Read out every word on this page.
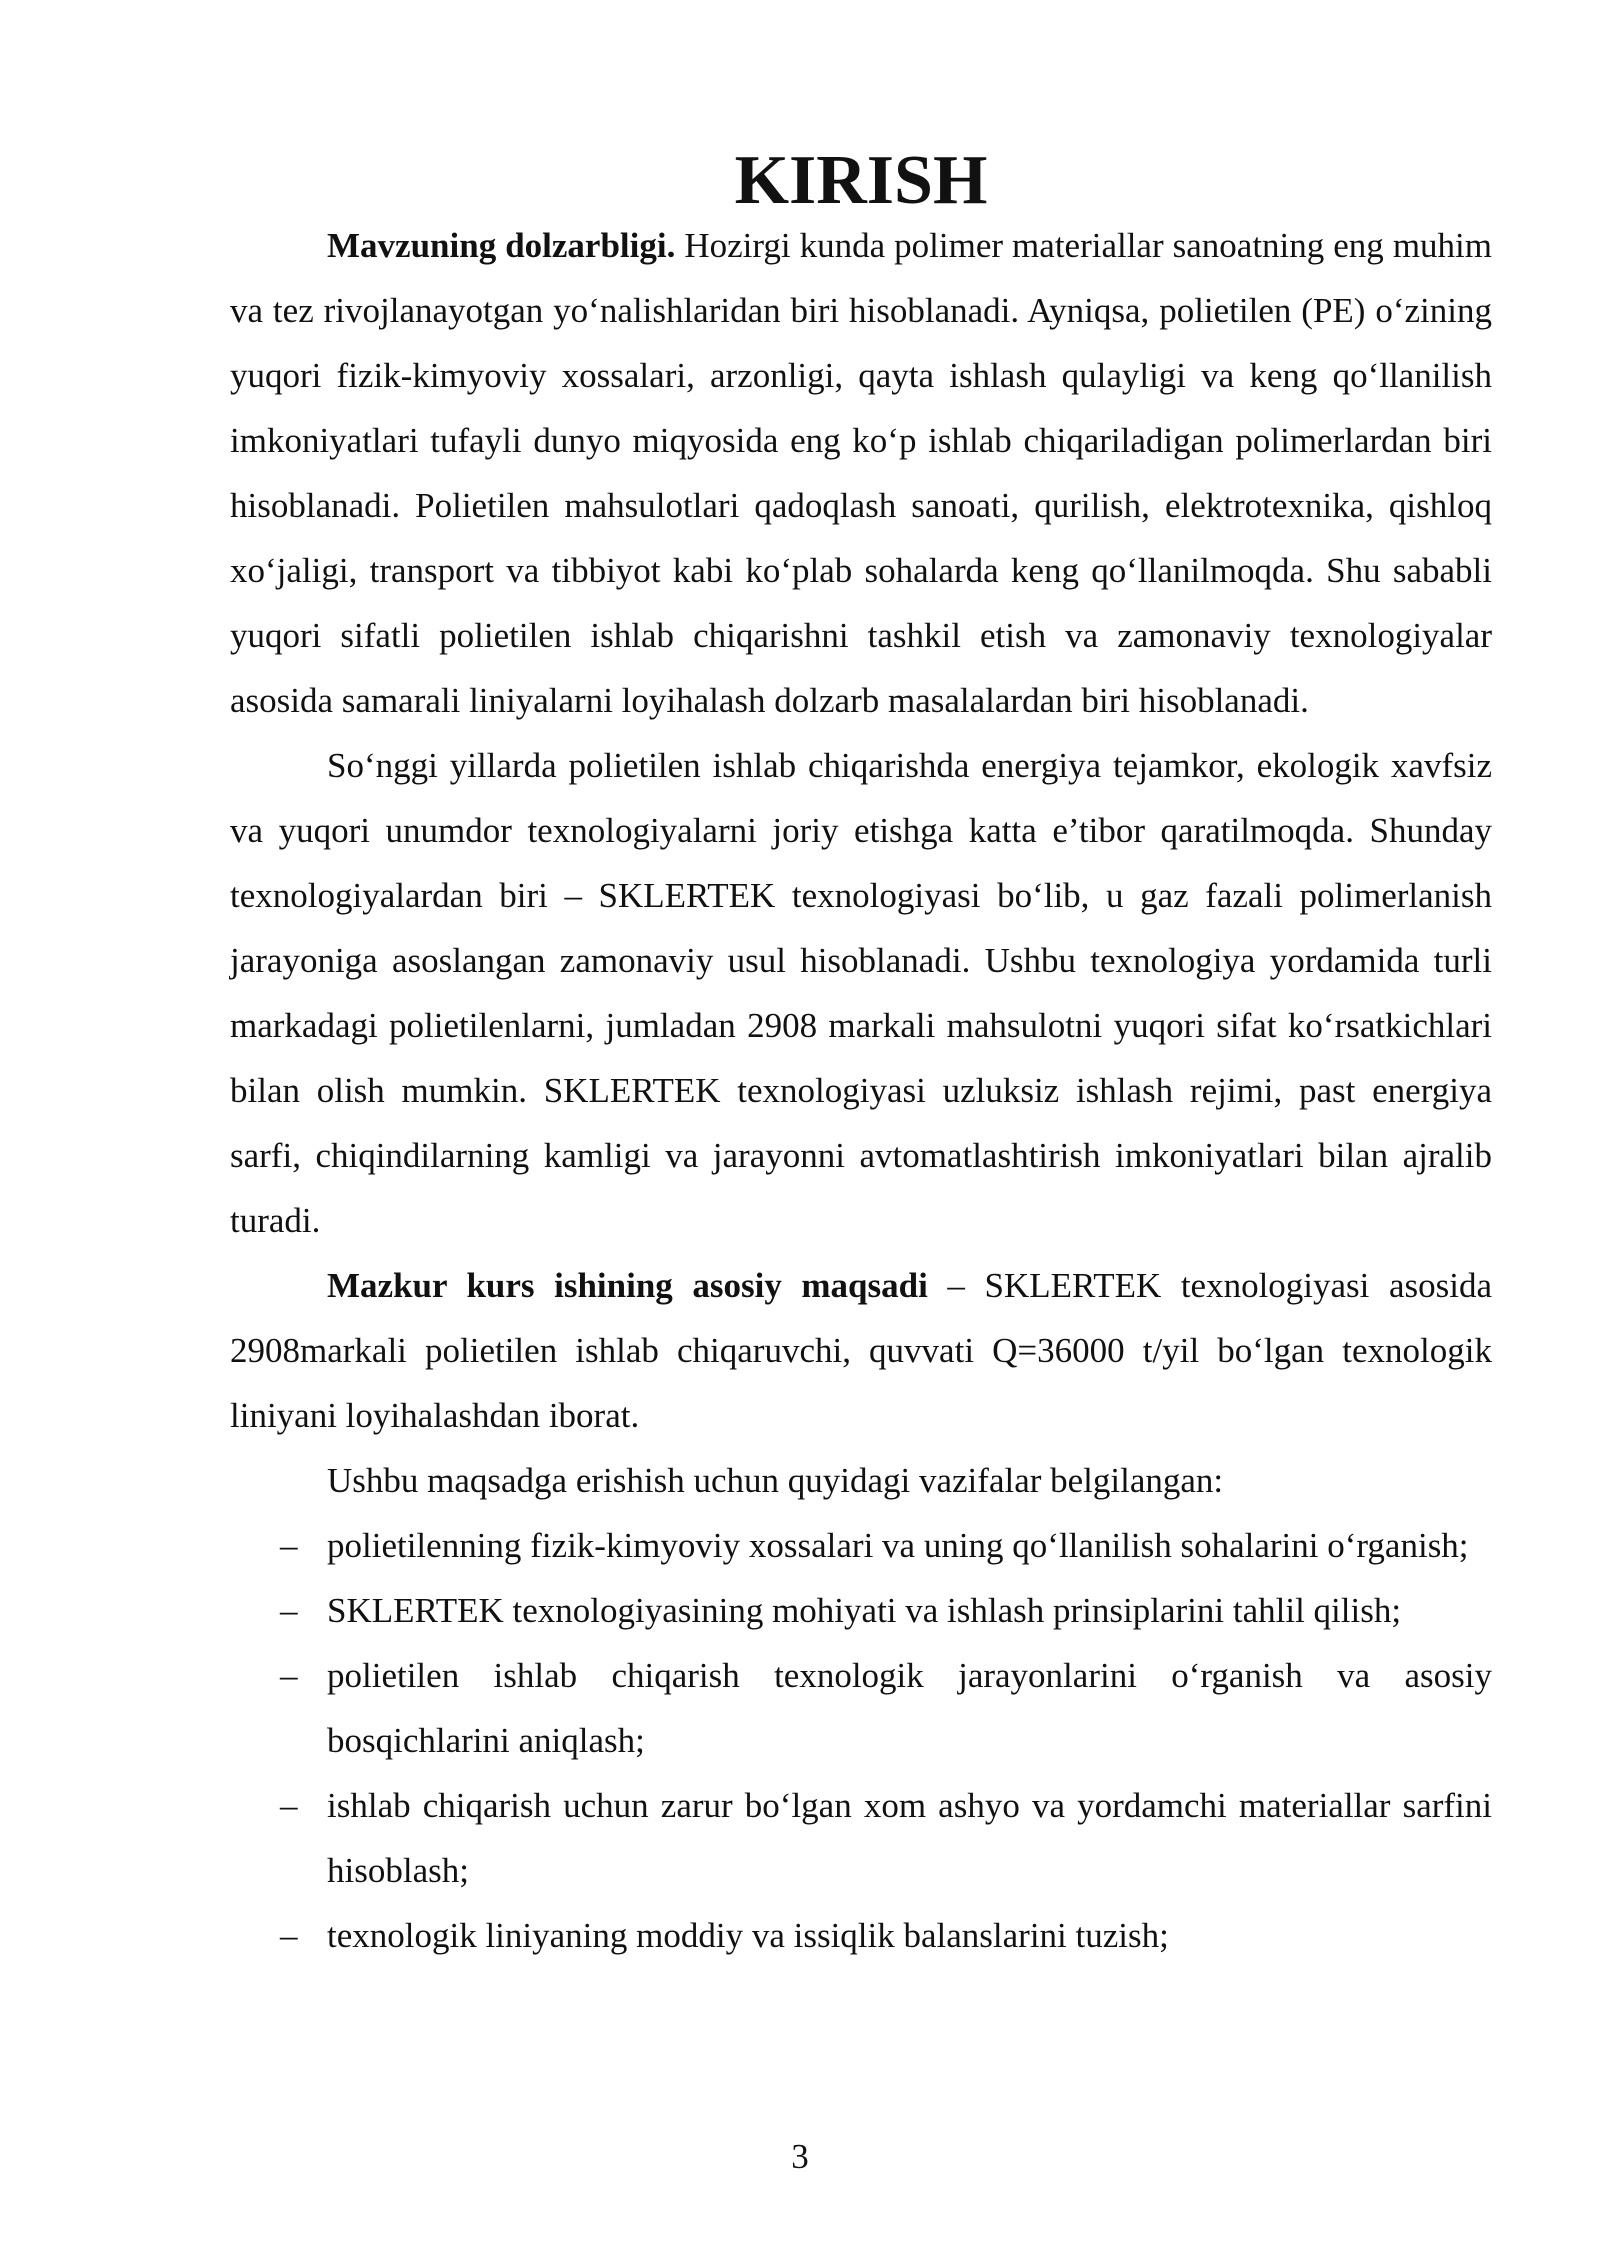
KIRISH

Mavzuning dolzarbligi. Hozirgi kunda polimer materiallar sanoatning eng muhim va tez rivojlanayotgan yo‘nalishlaridan biri hisoblanadi. Ayniqsa, polietilen (PE) o‘zining yuqori fizik-kimyoviy xossalari, arzonligi, qayta ishlash qulayligi va keng qo‘llanilish imkoniyatlari tufayli dunyo miqyosida eng ko‘p ishlab chiqariladigan polimerlardan biri hisoblanadi. Polietilen mahsulotlari qadoqlash sanoati, qurilish, elektrotexnika, qishloq xo‘jaligi, transport va tibbiyot kabi ko‘plab sohalarda keng qo‘llanilmoqda. Shu sababli yuqori sifatli polietilen ishlab chiqarishni tashkil etish va zamonaviy texnologiyalar asosida samarali liniyalarni loyihalash dolzarb masalalardan biri hisoblanadi.

So‘nggi yillarda polietilen ishlab chiqarishda energiya tejamkor, ekologik xavfsiz va yuqori unumdor texnologiyalarni joriy etishga katta e’tibor qaratilmoqda. Shunday texnologiyalardan biri – SKLERTEK texnologiyasi bo‘lib, u gaz fazali polimerlanish jarayoniga asoslangan zamonaviy usul hisoblanadi. Ushbu texnologiya yordamida turli markadagi polietilenlarni, jumladan 2908 markali mahsulotni yuqori sifat ko‘rsatkichlari bilan olish mumkin. SKLERTEK texnologiyasi uzluksiz ishlash rejimi, past energiya sarfi, chiqindilarning kamligi va jarayonni avtomatlashtirish imkoniyatlari bilan ajralib turadi.

Mazkur kurs ishining asosiy maqsadi – SKLERTEK texnologiyasi asosida 2908markali polietilen ishlab chiqaruvchi, quvvati Q=36000 t/yil bo‘lgan texnologik liniyani loyihalashdan iborat.

Ushbu maqsadga erishish uchun quyidagi vazifalar belgilangan:

– polietilenning fizik-kimyoviy xossalari va uning qo‘llanilish sohalarini o‘rganish;
– SKLERTEK texnologiyasining mohiyati va ishlash prinsiplarini tahlil qilish;
– polietilen ishlab chiqarish texnologik jarayonlarini o‘rganish va asosiy bosqichlarini aniqlash;
– ishlab chiqarish uchun zarur bo‘lgan xom ashyo va yordamchi materiallar sarfini hisoblash;
– texnologik liniyaning moddiy va issiqlik balanslarini tuzish;
3
